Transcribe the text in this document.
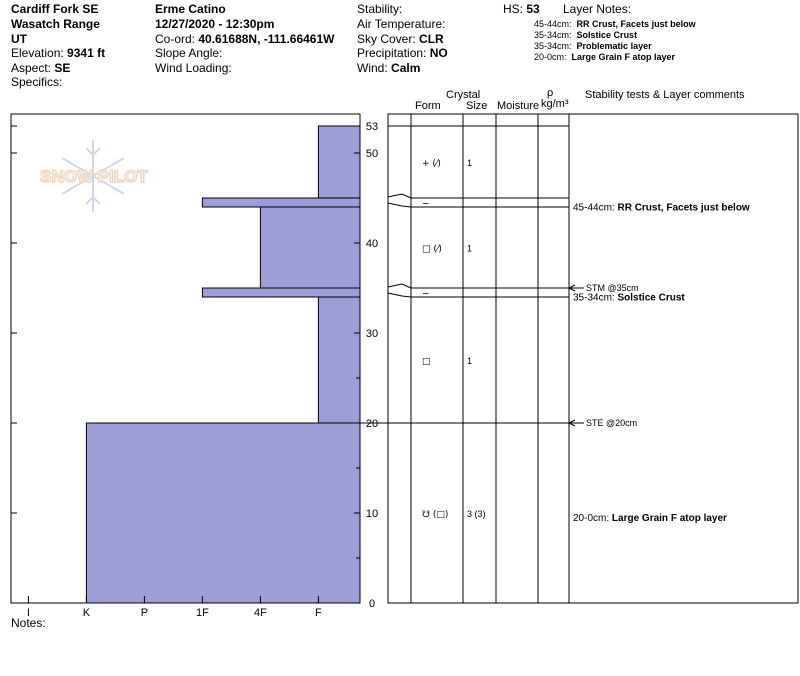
Cardiff Fork SE
Wasatch Range
UT
Elevation: 9341 ft
Aspect: SE
Specifics:
Erme Catino
12/27/2020 - 12:30pm
Co-ord: 40.61688N, -111.66461W
Slope Angle:
Wind Loading:
Stability:
Air Temperature:
Sky Cover: CLR
Precipitation: NO
Wind: Calm
HS: 53 Layer Notes:
45-44cm: RR Crust, Facets just below
35-34cm: Solstice Crust
35-34cm: Problematic layer
20-0cm: Large Grain F atop layer
Crystal
Form Size Moisture
ρ
kg/m³
Stability tests & Layer comments
SNOW PILOT
I	K	P	1F	4F	F
0
10
20
30
40
50
53
+ (⁄)	1
−
□ (⁄)	1
−
□	1
☋ (□) 3 (3)
STM @35cm
STE @20cm
45-44cm: RR Crust, Facets just below
35-34cm: Solstice Crust
20-0cm: Large Grain F atop layer
Notes:
